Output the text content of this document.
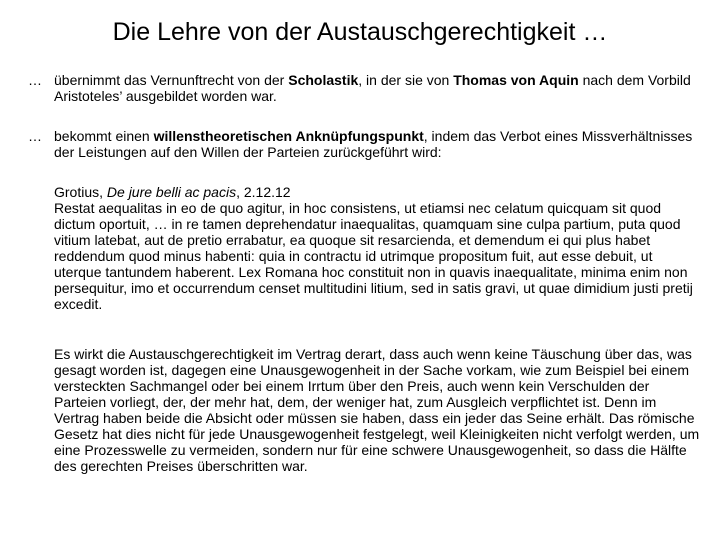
Die Lehre von der Austauschgerechtigkeit …
… übernimmt das Vernunftrecht von der Scholastik, in der sie von Thomas von Aquin nach dem Vorbild Aristoteles’ ausgebildet worden war.
… bekommt einen willenstheoretischen Anknüpfungspunkt, indem das Verbot eines Missverhältnisses der Leistungen auf den Willen der Parteien zurückgeführt wird:
Grotius, De jure belli ac pacis, 2.12.12
Restat aequalitas in eo de quo agitur, in hoc consistens, ut etiamsi nec celatum quicquam sit quod dictum oportuit, … in re tamen deprehendatur inaequalitas, quamquam sine culpa partium, puta quod vitium latebat, aut de pretio errabatur, ea quoque sit resarcienda, et demendum ei qui plus habet reddendum quod minus habenti: quia in contractu id utrimque propositum fuit, aut esse debuit, ut uterque tantundem haberent. Lex Romana hoc constituit non in quavis inaequalitate, minima enim non persequitur, imo et occurrendum censet multitudini litium, sed in satis gravi, ut quae dimidium justi pretij excedit.
Es wirkt die Austauschgerechtigkeit im Vertrag derart, dass auch wenn keine Täuschung über das, was gesagt worden ist, dagegen eine Unausgewogenheit in der Sache vorkam, wie zum Beispiel bei einem versteckten Sachmangel oder bei einem Irrtum über den Preis, auch wenn kein Verschulden der Parteien vorliegt, der, der mehr hat, dem, der weniger hat, zum Ausgleich verpflichtet ist. Denn im Vertrag haben beide die Absicht oder müssen sie haben, dass ein jeder das Seine erhält. Das römische Gesetz hat dies nicht für jede Unausgewogenheit festgelegt, weil Kleinigkeiten nicht verfolgt werden, um eine Prozesswelle zu vermeiden, sondern nur für eine schwere Unausgewogenheit, so dass die Hälfte des gerechten Preises überschritten war.
